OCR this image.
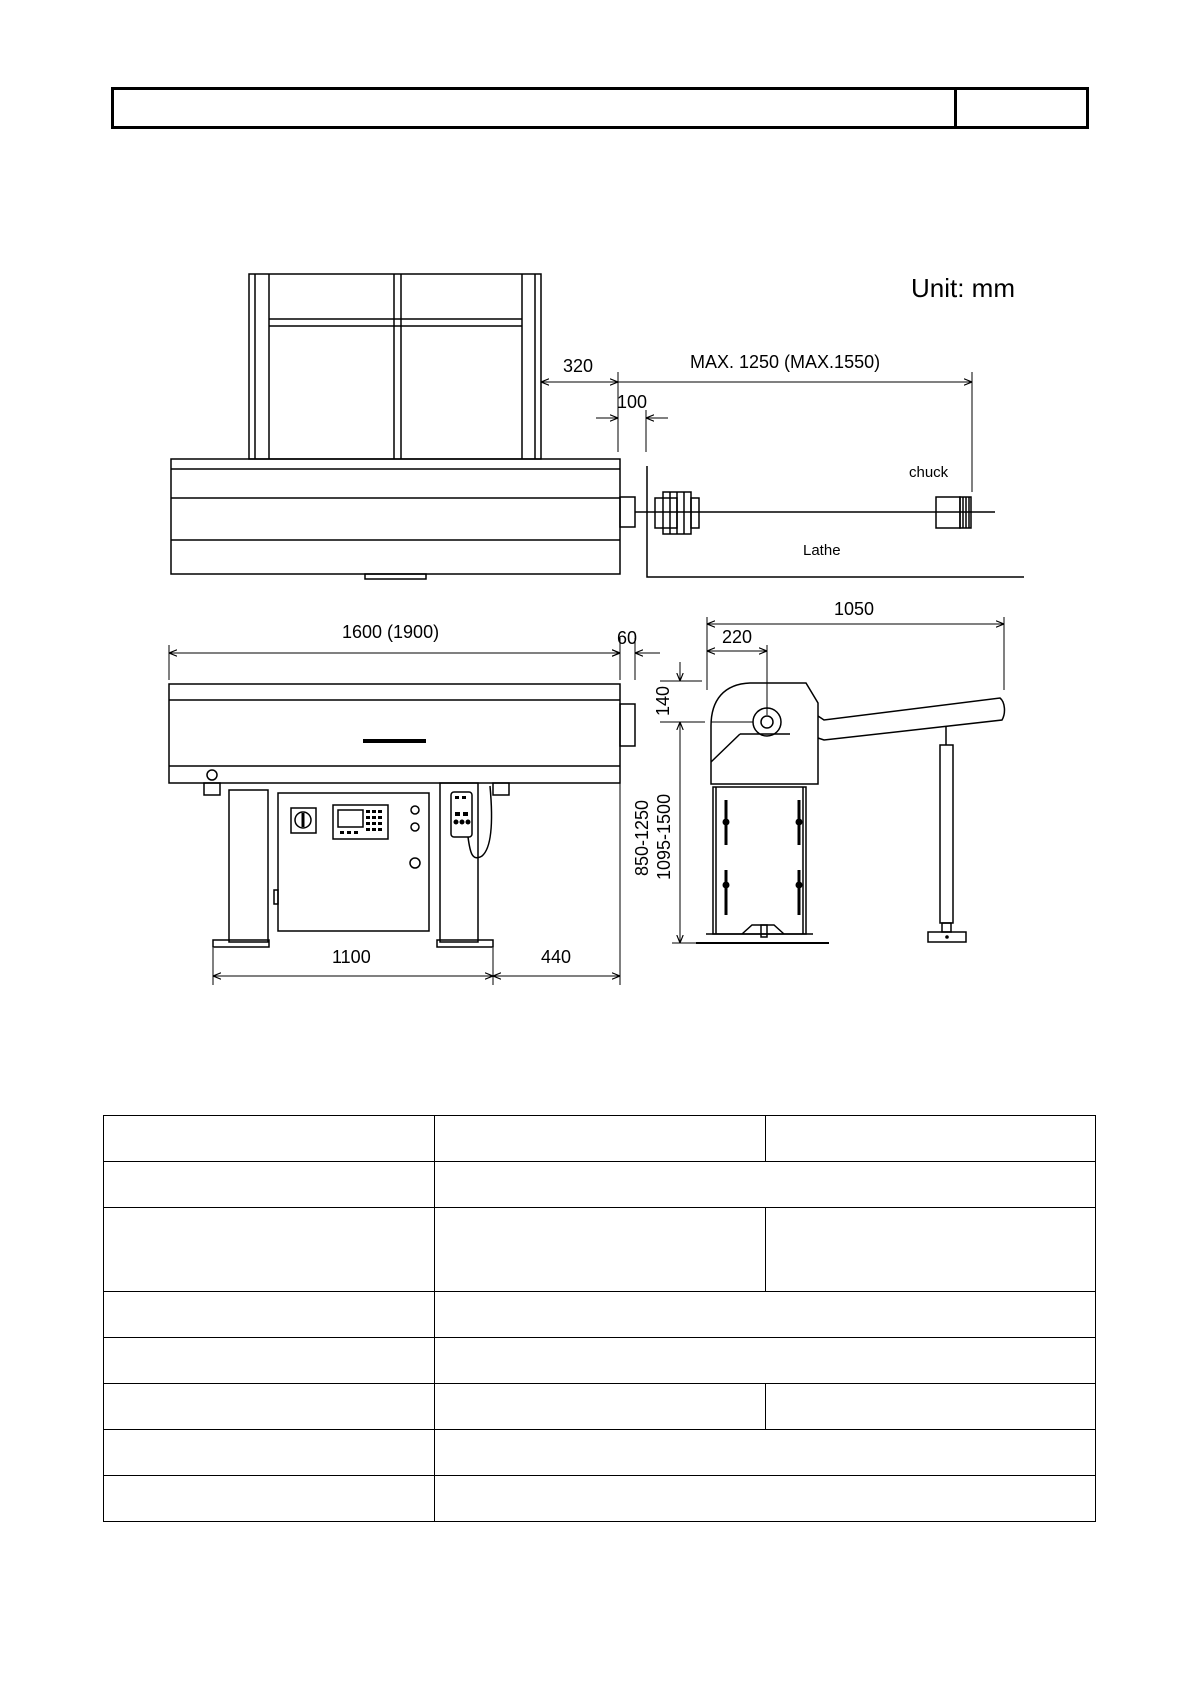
Unit: mm
chuck
Lathe
320	MAX. 1250 (MAX.1550)
100
1600 (1900)	60
1100	440
1050
220
140
850-1250 1095-1500
